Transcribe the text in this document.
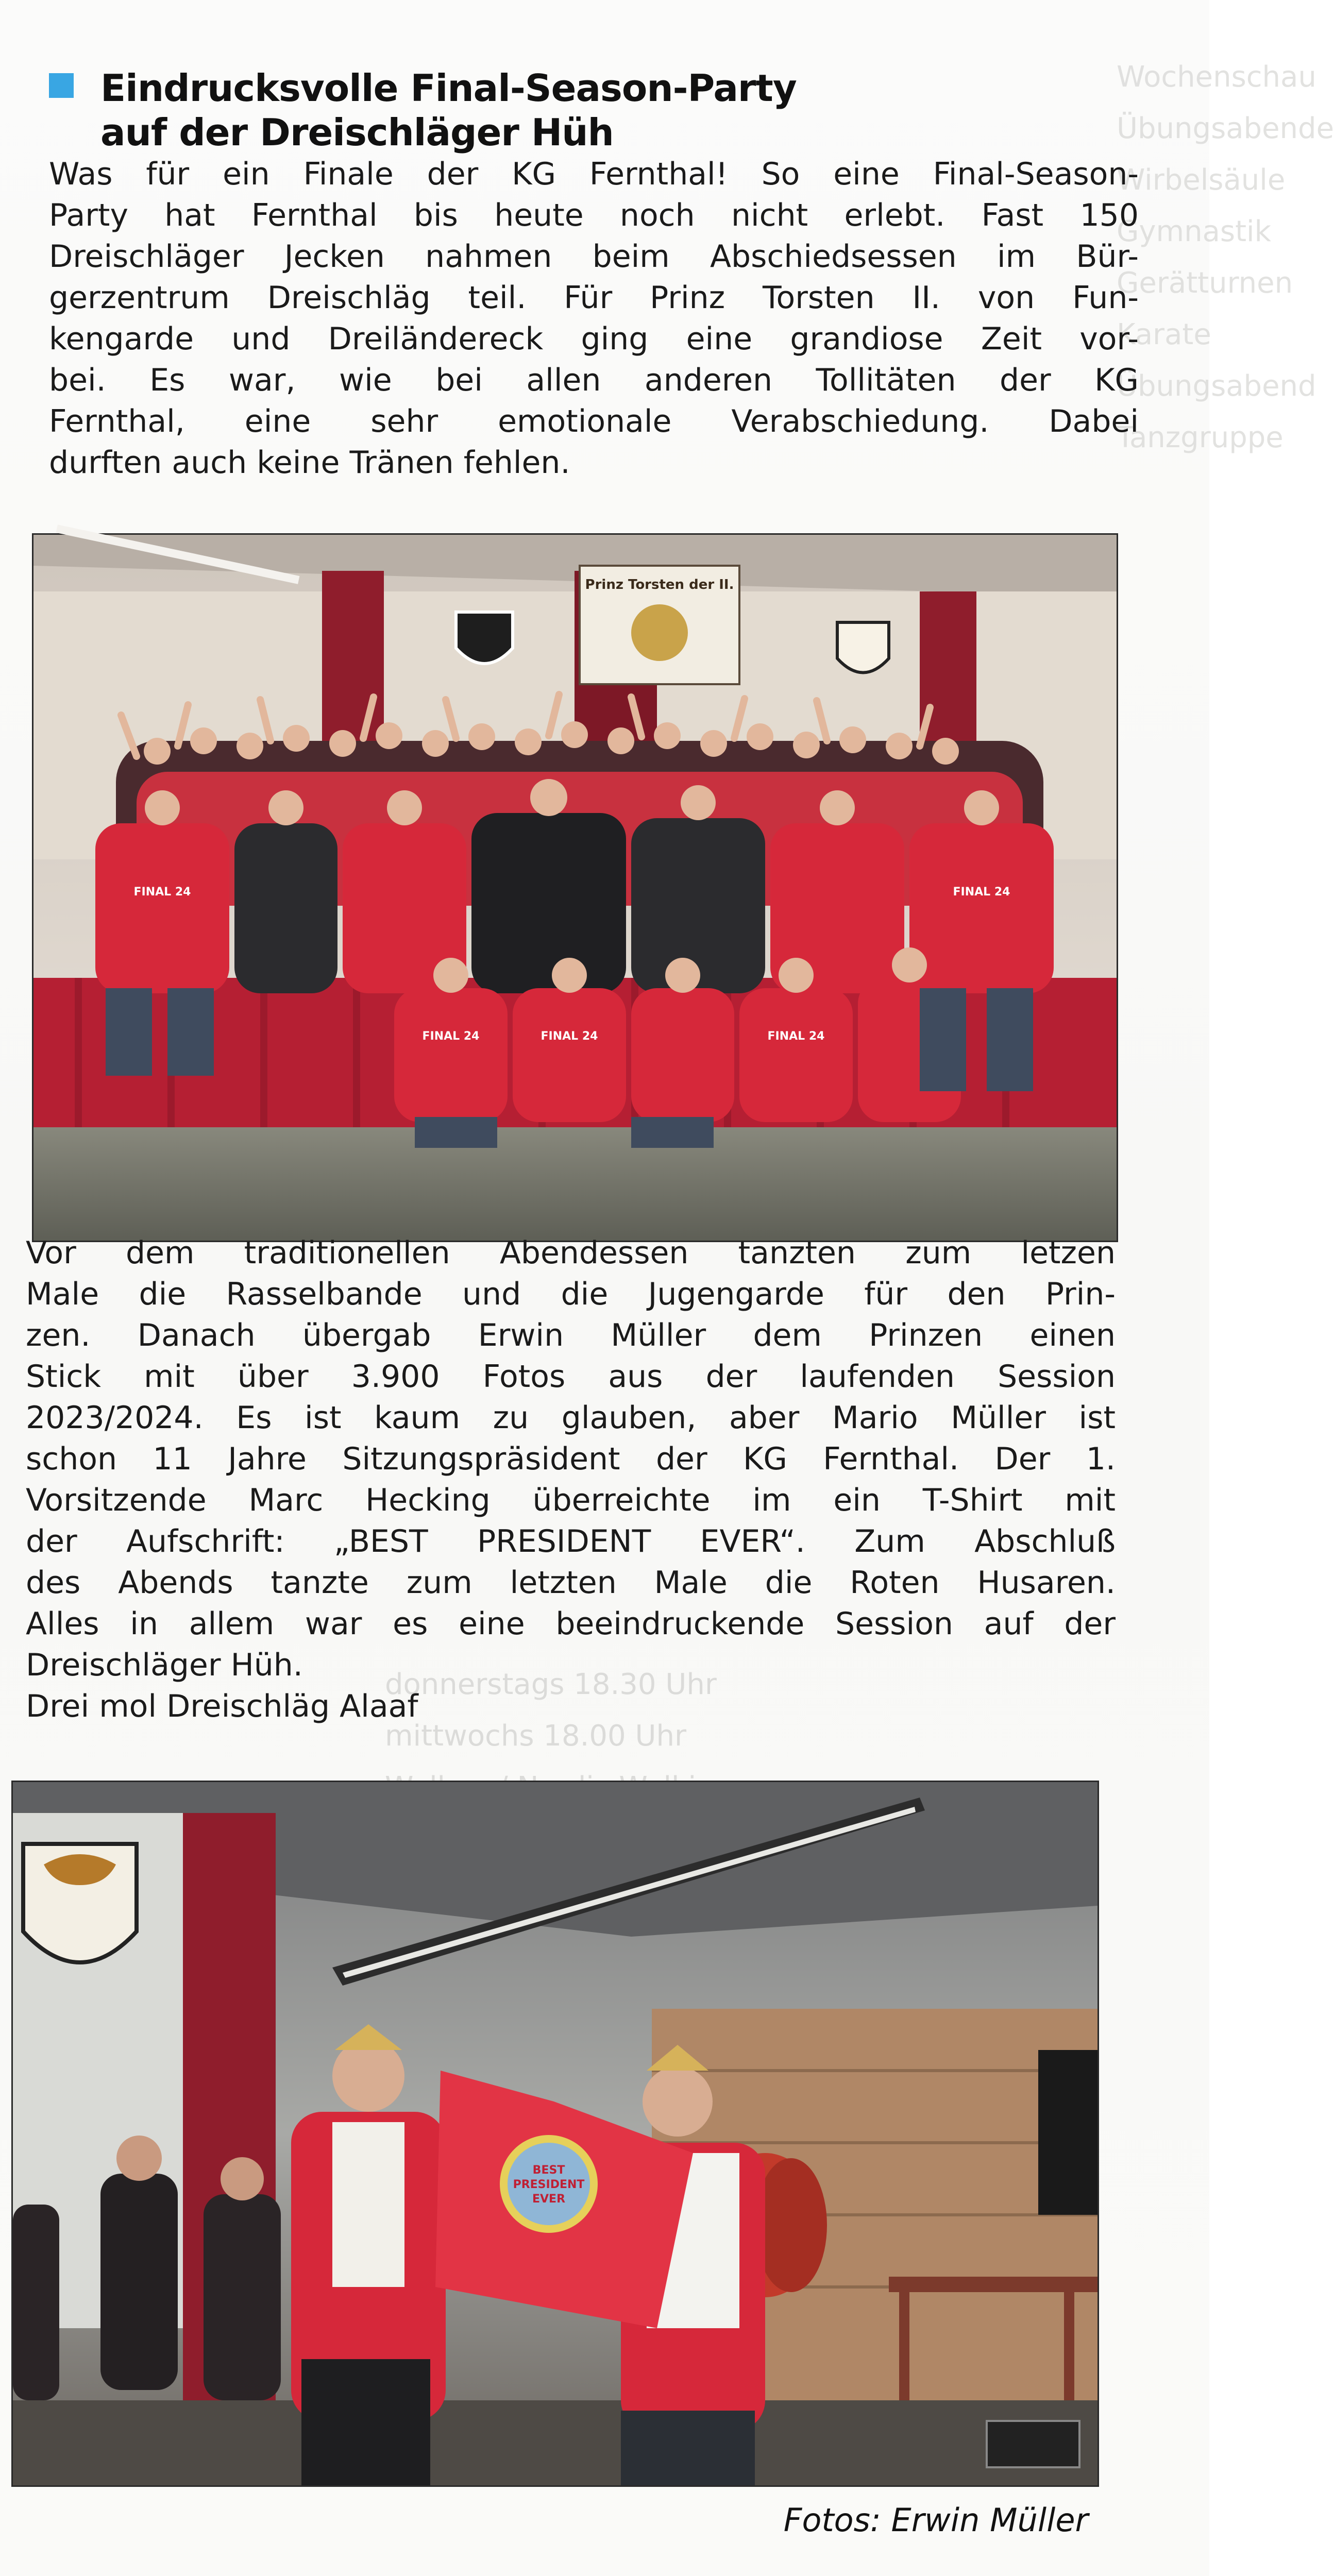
Wochenschau
Übungsabende
Wirbelsäule
Gymnastik
Gerätturnen
Karate
Übungsabend
Tanzgruppe
donnerstags 18.30 Uhr
mittwochs 18.00 Uhr
Eindrucksvolle Final-Season-Party
auf der Dreischläger Hüh

Was für ein Finale der KG Fernthal! So eine Final-Season-
Party hat Fernthal bis heute noch nicht erlebt. Fast 150
Dreischläger Jecken nahmen beim Abschiedsessen im Bür-
gerzentrum Dreischläg teil. Für Prinz Torsten II. von Fun-
kengarde und Dreiländereck ging eine grandiose Zeit vor-
bei. Es war, wie bei allen anderen Tollitäten der KG
Fernthal, eine sehr emotionale Verabschiedung. Dabei
durften auch keine Tränen fehlen.

Prinz Torsten der II.
FINAL 24	FINAL 24	FINAL 24
FINAL 24	FINAL 24

Vor dem traditionellen Abendessen tanzten zum letzen
Male die Rasselbande und die Jugengarde für den Prin-
zen. Danach übergab Erwin Müller dem Prinzen einen
Stick mit über 3.900 Fotos aus der laufenden Session
2023/2024. Es ist kaum zu glauben, aber Mario Müller ist
schon 11 Jahre Sitzungspräsident der KG Fernthal. Der 1.
Vorsitzende Marc Hecking überreichte im ein T-Shirt mit
der Aufschrift: „BEST PRESIDENT EVER“. Zum Abschluß
des Abends tanzte zum letzten Male die Roten Husaren.
Alles in allem war es eine beeindruckende Session auf der
Dreischläger Hüh.
Drei mol Dreischläg Alaaf

BEST
PRESIDENT
EVER
Fotos: Erwin Müller
